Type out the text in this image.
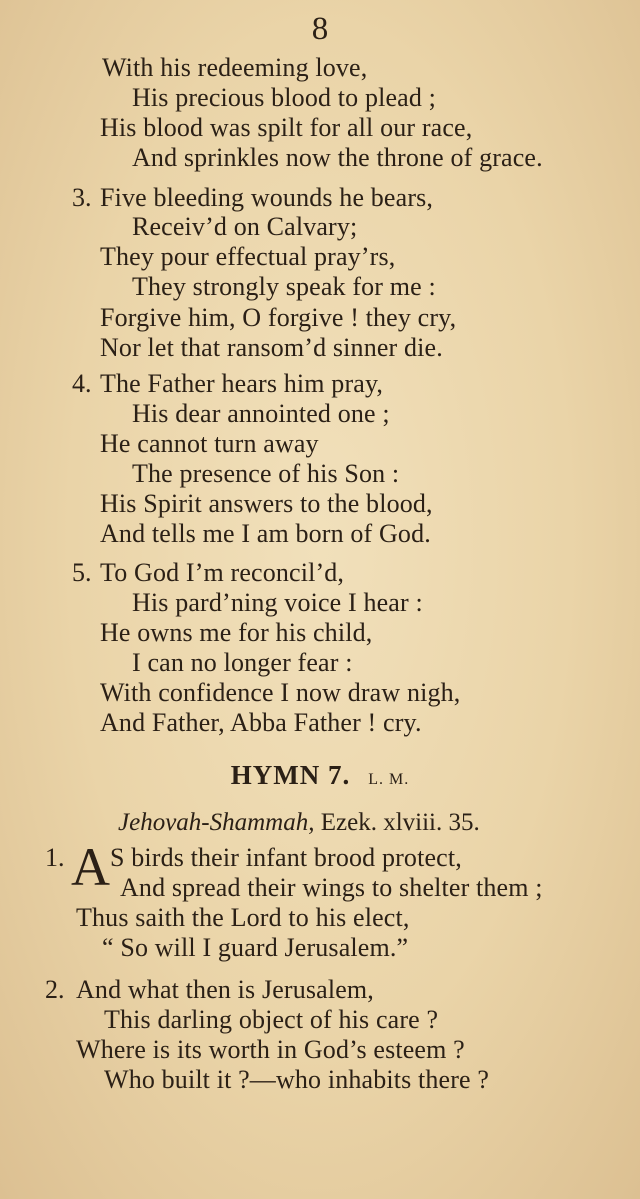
8
With his redeeming love,
His precious blood to plead ;
His blood was spilt for all our race,
And sprinkles now the throne of grace.
3. Five bleeding wounds he bears,
Receiv’d on Calvary;
They pour effectual pray’rs,
They strongly speak for me :
Forgive him, O forgive ! they cry,
Nor let that ransom’d sinner die.
4. The Father hears him pray,
His dear annointed one ;
He cannot turn away
The presence of his Son :
His Spirit answers to the blood,
And tells me I am born of God.
5. To God I’m reconcil’d,
His pard’ning voice I hear :
He owns me for his child,
I can no longer fear :
With confidence I now draw nigh,
And Father, Abba Father ! cry.
HYMN 7. L. M.
Jehovah-Shammah, Ezek. xlviii. 35.
1. A S birds their infant brood protect,
And spread their wings to shelter them ;
Thus saith the Lord to his elect,
“ So will I guard Jerusalem.”
2. And what then is Jerusalem,
This darling object of his care ?
Where is its worth in God’s esteem ?
Who built it ?—who inhabits there ?
